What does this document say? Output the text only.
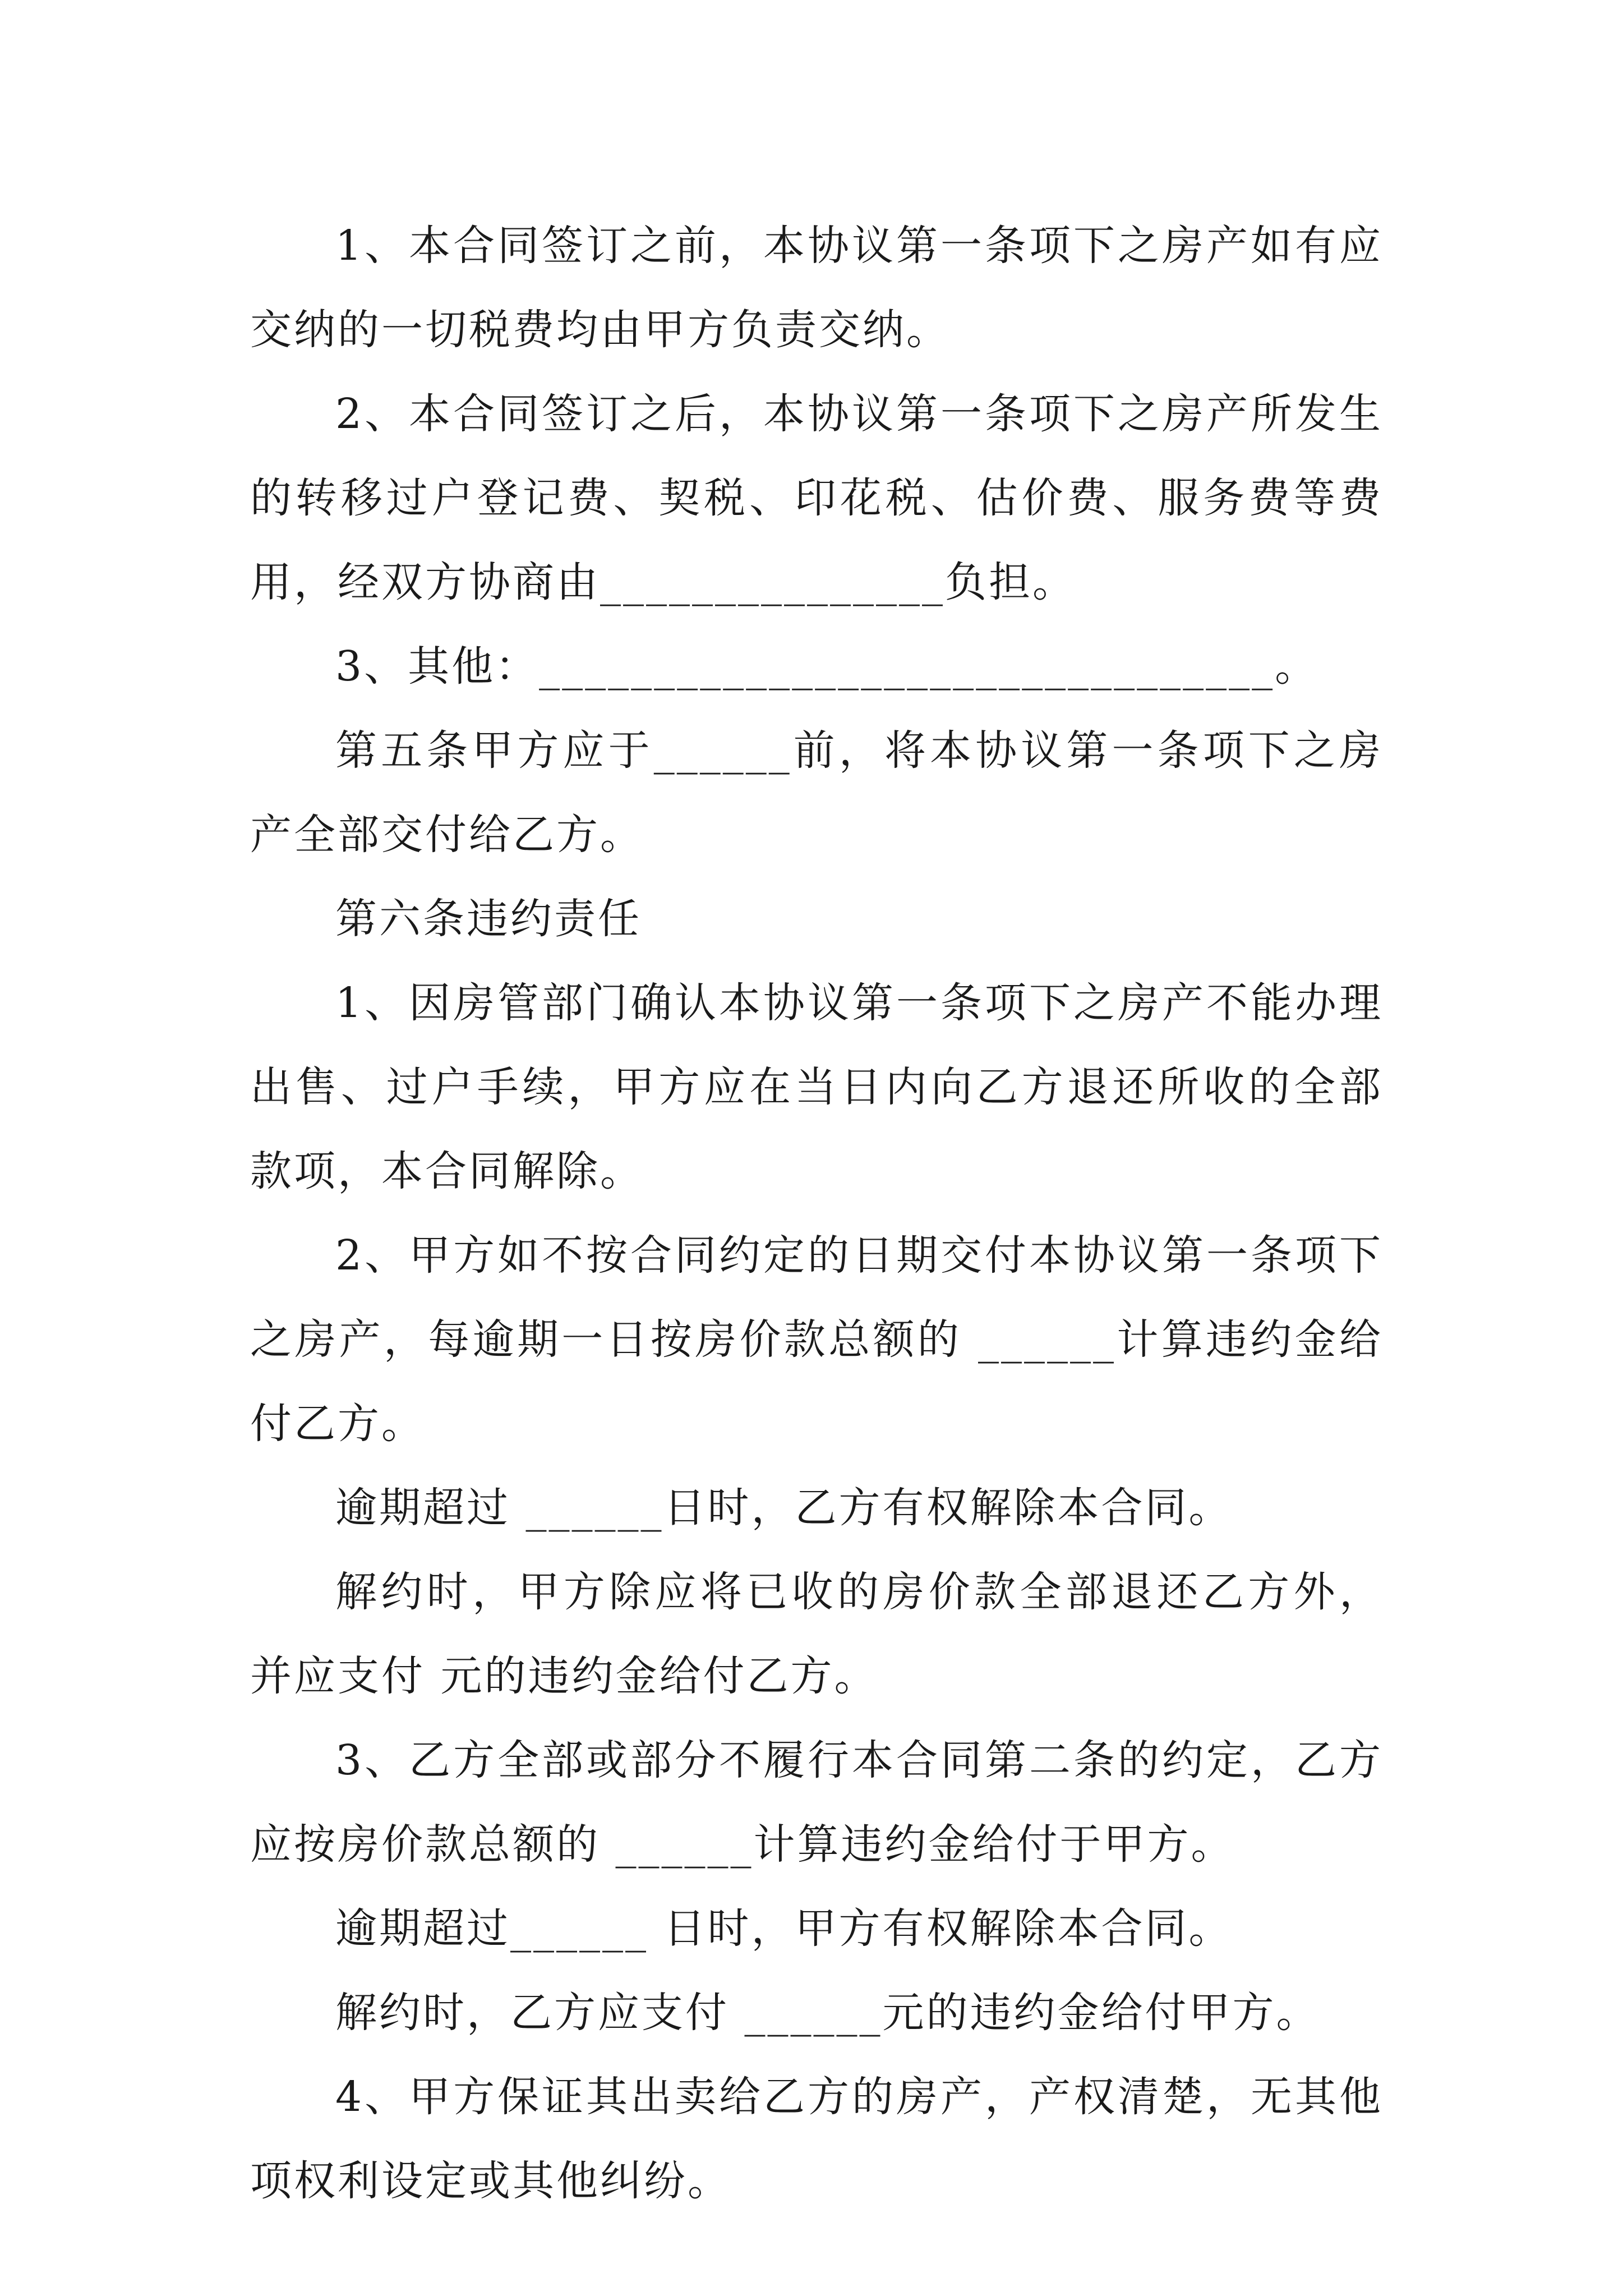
1、本合同签订之前，本协议第一条项下之房产如有应交纳的一切税费均由甲方负责交纳。

2、本合同签订之后，本协议第一条项下之房产所发生的转移过户登记费、契税、印花税、估价费、服务费等费用，经双方协商由_______________负担。

3、其他：________________________________。

第五条甲方应于______前，将本协议第一条项下之房产全部交付给乙方。

第六条违约责任

1、因房管部门确认本协议第一条项下之房产不能办理出售、过户手续，甲方应在当日内向乙方退还所收的全部款项，本合同解除。

2、甲方如不按合同约定的日期交付本协议第一条项下之房产，每逾期一日按房价款总额的 ______计算违约金给付乙方。

逾期超过 ______日时，乙方有权解除本合同。

解约时，甲方除应将已收的房价款全部退还乙方外，并应支付 元的违约金给付乙方。

3、乙方全部或部分不履行本合同第二条的约定，乙方应按房价款总额的 ______计算违约金给付于甲方。

逾期超过______ 日时，甲方有权解除本合同。

解约时，乙方应支付 ______元的违约金给付甲方。

4、甲方保证其出卖给乙方的房产，产权清楚，无其他项权利设定或其他纠纷。
